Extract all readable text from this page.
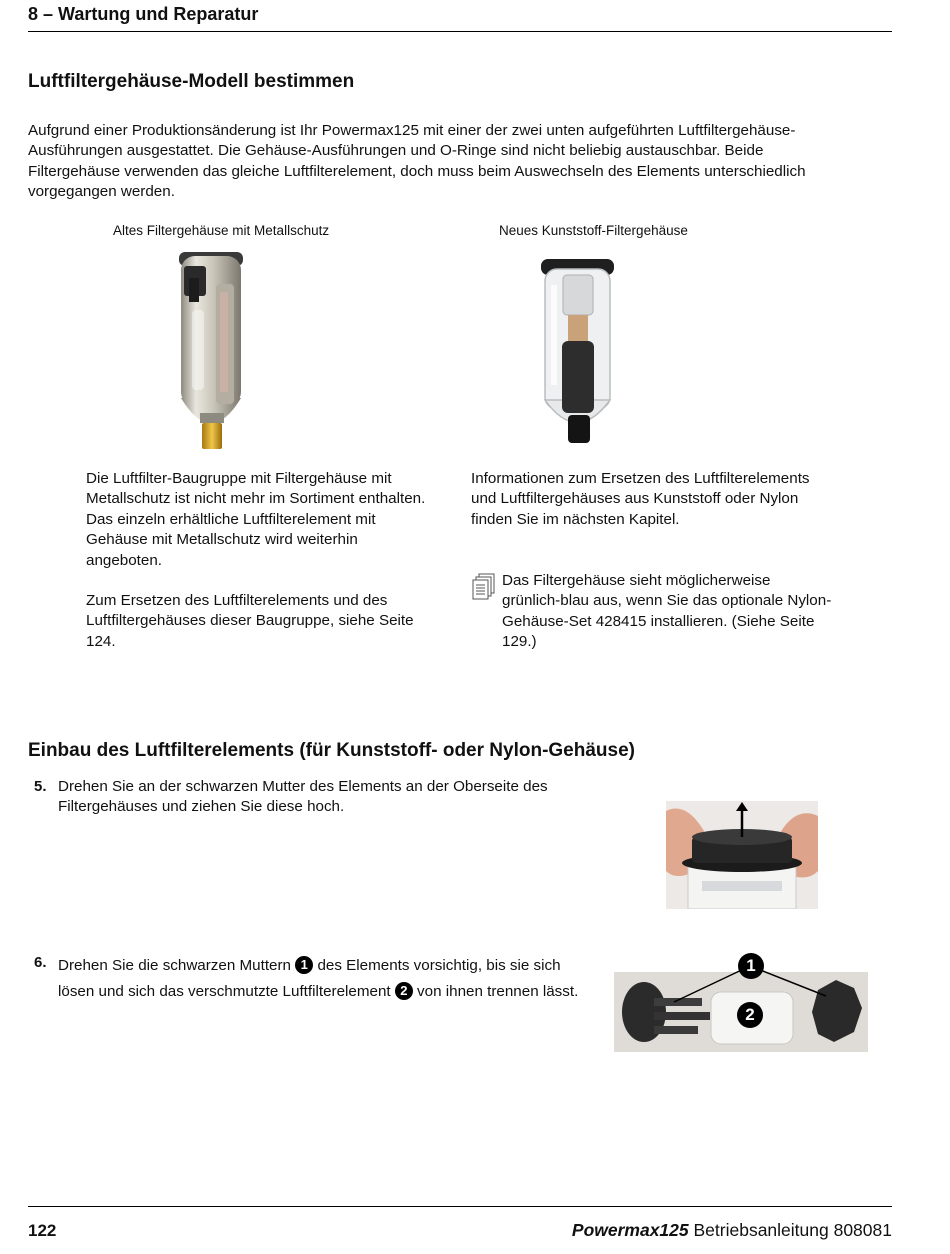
8 – Wartung und Reparatur
Luftfiltergehäuse-Modell bestimmen
Aufgrund einer Produktionsänderung ist Ihr Powermax125 mit einer der zwei unten aufgeführten Luftfiltergehäuse-Ausführungen ausgestattet. Die Gehäuse-Ausführungen und O-Ringe sind nicht beliebig austauschbar. Beide Filtergehäuse verwenden das gleiche Luftfilterelement, doch muss beim Auswechseln des Elements unterschiedlich vorgegangen werden.
Altes Filtergehäuse mit Metallschutz	Neues Kunststoff-Filtergehäuse
Die Luftfilter-Baugruppe mit Filtergehäuse mit Metallschutz ist nicht mehr im Sortiment enthalten. Das einzeln erhältliche Luftfilterelement mit Gehäuse mit Metallschutz wird weiterhin angeboten.
Zum Ersetzen des Luftfilterelements und des Luftfiltergehäuses dieser Baugruppe, siehe Seite 124.
Informationen zum Ersetzen des Luftfilterelements und Luftfiltergehäuses aus Kunststoff oder Nylon finden Sie im nächsten Kapitel.
Das Filtergehäuse sieht möglicherweise grünlich-blau aus, wenn Sie das optionale Nylon-Gehäuse-Set 428415 installieren. (Siehe Seite 129.)
Einbau des Luftfilterelements (für Kunststoff- oder Nylon-Gehäuse)
5. Drehen Sie an der schwarzen Mutter des Elements an der Oberseite des Filtergehäuses und ziehen Sie diese hoch.
6. Drehen Sie die schwarzen Muttern 1 des Elements vorsichtig, bis sie sich lösen und sich das verschmutzte Luftfilterelement 2 von ihnen trennen lässt.
1
2
122	Powermax125 Betriebsanleitung 808081
